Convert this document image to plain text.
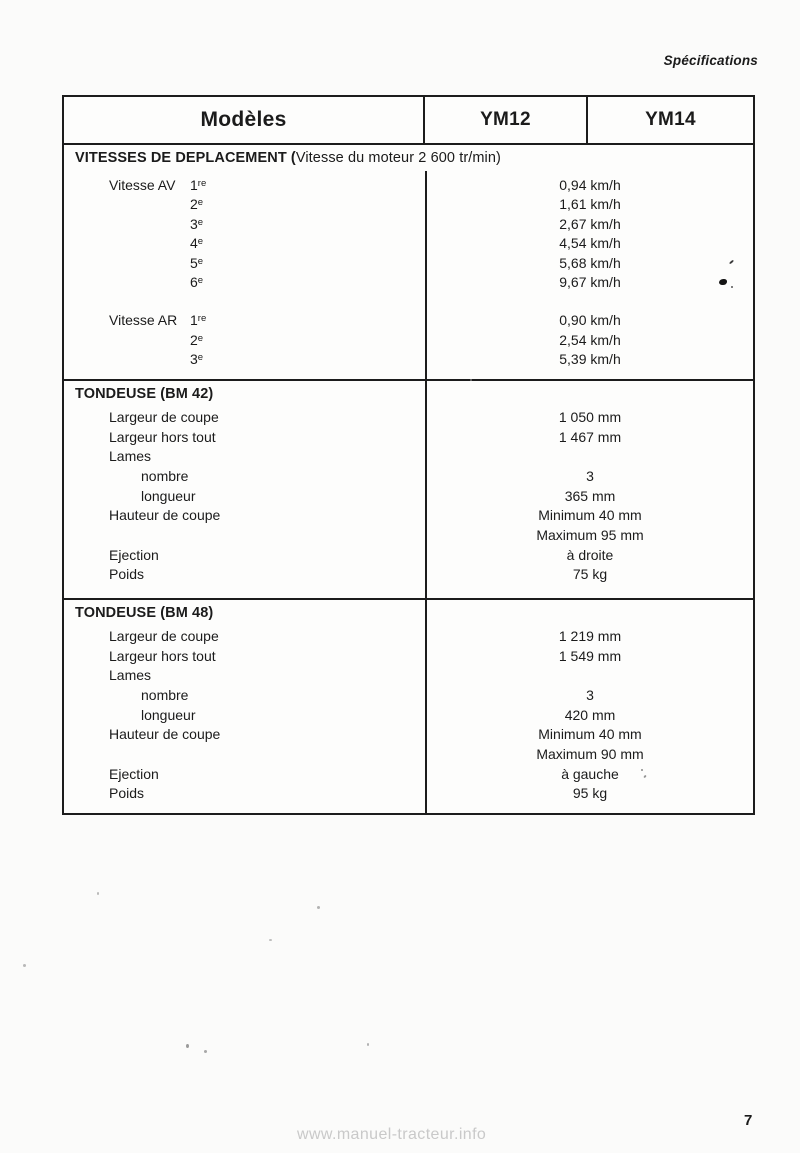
Spécifications
Modèles	YM12	YM14
VITESSES DE DEPLACEMENT (Vitesse du moteur 2 600 tr/min)
Vitesse AV 1re	0,94 km/h
2e	1,61 km/h
3e	2,67 km/h
4e	4,54 km/h
5e	5,68 km/h
6e	9,67 km/h
Vitesse AR 1re	0,90 km/h
2e	2,54 km/h
3e	5,39 km/h
TONDEUSE (BM 42)
Largeur de coupe	1 050 mm
Largeur hors tout	1 467 mm
Lames
nombre	3
longueur	365 mm
Hauteur de coupe	Minimum 40 mm
Maximum 95 mm
Ejection	à droite
Poids	75 kg
TONDEUSE (BM 48)
Largeur de coupe	1 219 mm
Largeur hors tout	1 549 mm
Lames
nombre	3
longueur	420 mm
Hauteur de coupe	Minimum 40 mm
Maximum 90 mm
Ejection	à gauche
Poids	95 kg
7
www.manuel-tracteur.info
